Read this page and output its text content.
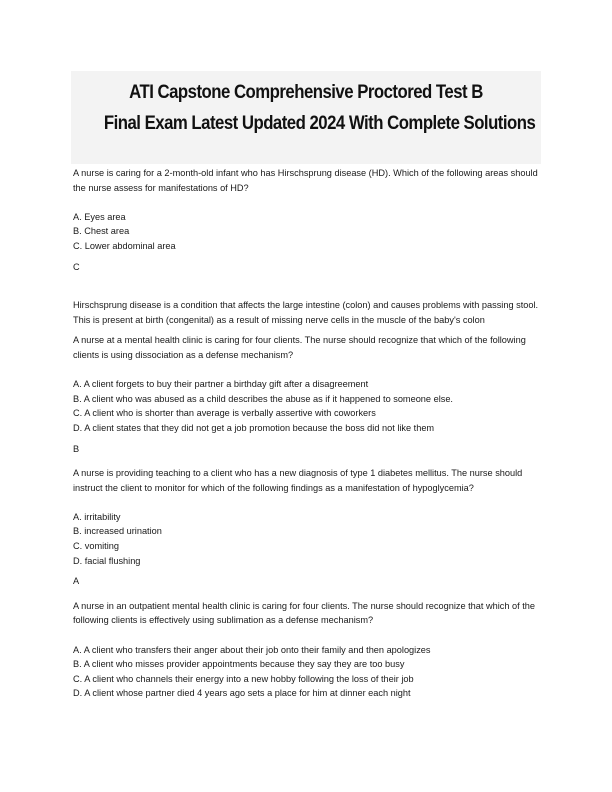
ATI Capstone Comprehensive Proctored Test B
Final Exam Latest Updated 2024 With Complete Solutions

A nurse is caring for a 2-month-old infant who has Hirschsprung disease (HD). Which of the following areas should the nurse assess for manifestations of HD?

A. Eyes area
B. Chest area
C. Lower abdominal area

C

Hirschsprung disease is a condition that affects the large intestine (colon) and causes problems with passing stool. This is present at birth (congenital) as a result of missing nerve cells in the muscle of the baby's colon

A nurse at a mental health clinic is caring for four clients. The nurse should recognize that which of the following clients is using dissociation as a defense mechanism?

A. A client forgets to buy their partner a birthday gift after a disagreement
B. A client who was abused as a child describes the abuse as if it happened to someone else.
C. A client who is shorter than average is verbally assertive with coworkers
D. A client states that they did not get a job promotion because the boss did not like them

B

A nurse is providing teaching to a client who has a new diagnosis of type 1 diabetes mellitus. The nurse should instruct the client to monitor for which of the following findings as a manifestation of hypoglycemia?

A. irritability
B. increased urination
C. vomiting
D. facial flushing

A

A nurse in an outpatient mental health clinic is caring for four clients. The nurse should recognize that which of the following clients is effectively using sublimation as a defense mechanism?

A. A client who transfers their anger about their job onto their family and then apologizes
B. A client who misses provider appointments because they say they are too busy
C. A client who channels their energy into a new hobby following the loss of their job
D. A client whose partner died 4 years ago sets a place for him at dinner each night
